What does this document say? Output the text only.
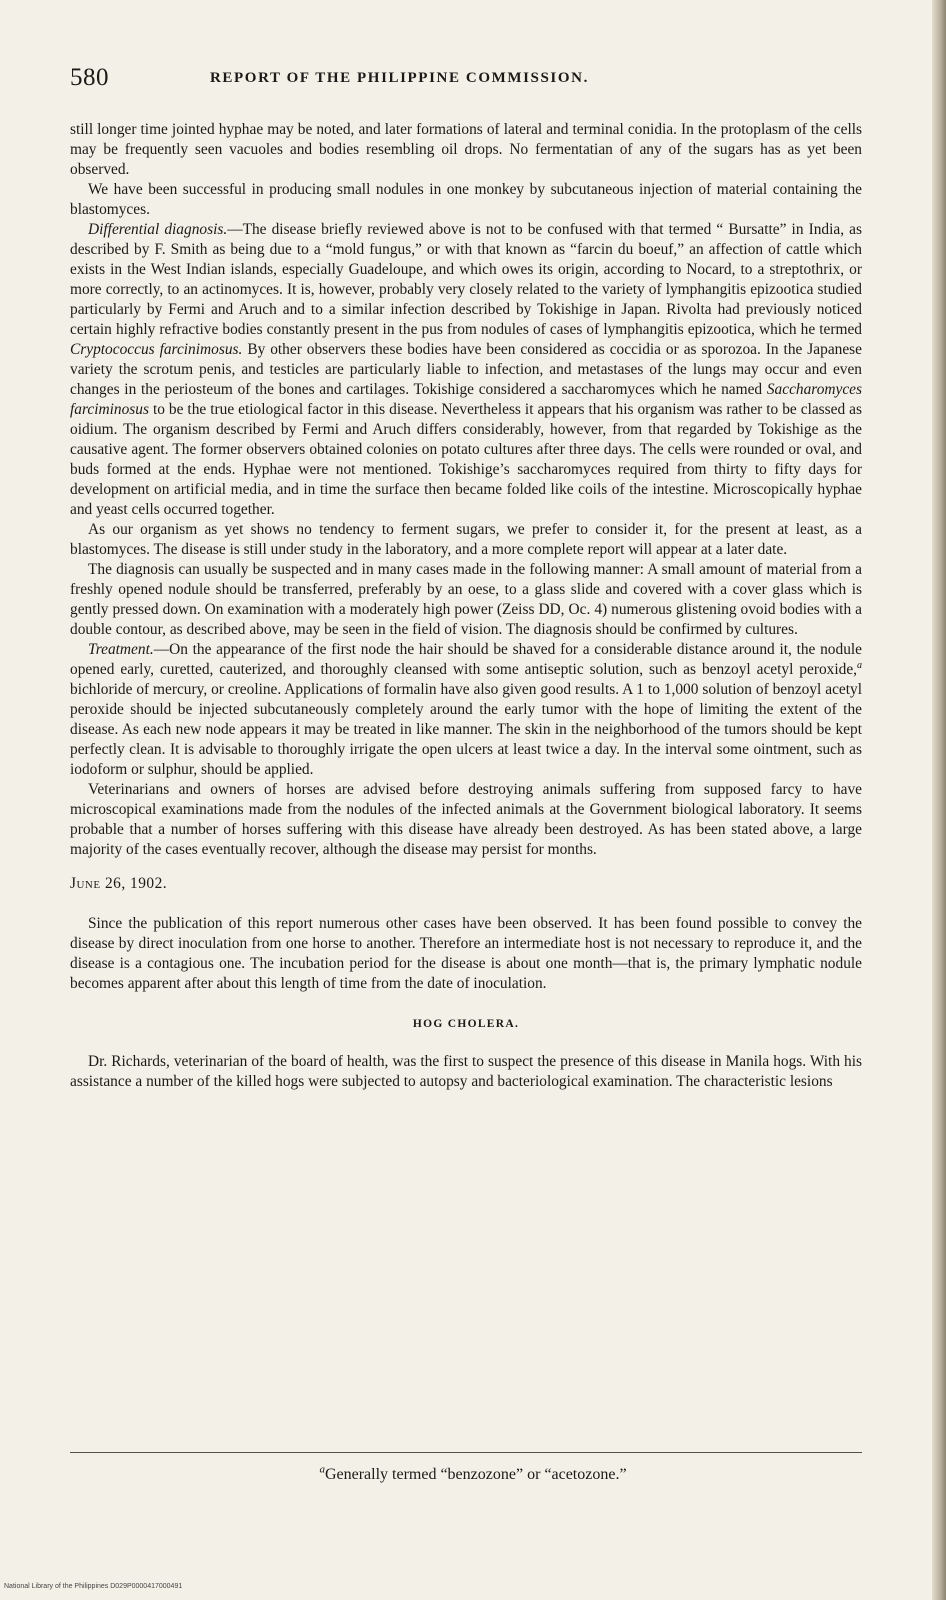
580	REPORT OF THE PHILIPPINE COMMISSION.

still longer time jointed hyphae may be noted, and later formations of lateral and terminal conidia. In the protoplasm of the cells may be frequently seen vacuoles and bodies resembling oil drops. No fermentatian of any of the sugars has as yet been observed.

We have been successful in producing small nodules in one monkey by subcutaneous injection of material containing the blastomyces.

Differential diagnosis.—The disease briefly reviewed above is not to be confused with that termed “ Bursatte” in India, as described by F. Smith as being due to a “mold fungus,” or with that known as “farcin du boeuf,” an affection of cattle which exists in the West Indian islands, especially Guadeloupe, and which owes its origin, according to Nocard, to a streptothrix, or more correctly, to an actinomyces. It is, however, probably very closely related to the variety of lymphangitis epizootica studied particularly by Fermi and Aruch and to a similar infection described by Tokishige in Japan. Rivolta had previously noticed certain highly refractive bodies constantly present in the pus from nodules of cases of lymphangitis epizootica, which he termed Cryptococcus farcinimosus. By other observers these bodies have been considered as coccidia or as sporozoa. In the Japanese variety the scrotum penis, and testicles are particularly liable to infection, and metastases of the lungs may occur and even changes in the periosteum of the bones and cartilages. Tokishige considered a saccharomyces which he named Saccharomyces farciminosus to be the true etiological factor in this disease. Nevertheless it appears that his organism was rather to be classed as oidium. The organism described by Fermi and Aruch differs considerably, however, from that regarded by Tokishige as the causative agent. The former observers obtained colonies on potato cultures after three days. The cells were rounded or oval, and buds formed at the ends. Hyphae were not mentioned. Tokishige’s saccharomyces required from thirty to fifty days for development on artificial media, and in time the surface then became folded like coils of the intestine. Microscopically hyphae and yeast cells occurred together.

As our organism as yet shows no tendency to ferment sugars, we prefer to consider it, for the present at least, as a blastomyces. The disease is still under study in the laboratory, and a more complete report will appear at a later date.

The diagnosis can usually be suspected and in many cases made in the following manner: A small amount of material from a freshly opened nodule should be transferred, preferably by an oese, to a glass slide and covered with a cover glass which is gently pressed down. On examination with a moderately high power (Zeiss DD, Oc. 4) numerous glistening ovoid bodies with a double contour, as described above, may be seen in the field of vision. The diagnosis should be confirmed by cultures.

Treatment.—On the appearance of the first node the hair should be shaved for a considerable distance around it, the nodule opened early, curetted, cauterized, and thoroughly cleansed with some antiseptic solution, such as benzoyl acetyl peroxide,$^a$ bichloride of mercury, or creoline. Applications of formalin have also given good results. A 1 to 1,000 solution of benzoyl acetyl peroxide should be injected subcutaneously completely around the early tumor with the hope of limiting the extent of the disease. As each new node appears it may be treated in like manner. The skin in the neighborhood of the tumors should be kept perfectly clean. It is advisable to thoroughly irrigate the open ulcers at least twice a day. In the interval some ointment, such as iodoform or sulphur, should be applied.

Veterinarians and owners of horses are advised before destroying animals suffering from supposed farcy to have microscopical examinations made from the nodules of the infected animals at the Government biological laboratory. It seems probable that a number of horses suffering with this disease have already been destroyed. As has been stated above, a large majority of the cases eventually recover, although the disease may persist for months.

June 26, 1902.

Since the publication of this report numerous other cases have been observed. It has been found possible to convey the disease by direct inoculation from one horse to another. Therefore an intermediate host is not necessary to reproduce it, and the disease is a contagious one. The incubation period for the disease is about one month—that is, the primary lymphatic nodule becomes apparent after about this length of time from the date of inoculation.

HOG CHOLERA.

Dr. Richards, veterinarian of the board of health, was the first to suspect the presence of this disease in Manila hogs. With his assistance a number of the killed hogs were subjected to autopsy and bacteriological examination. The characteristic lesions

$^a$Generally termed “benzozone” or “acetozone.”
National Library of the Philippines D029P0000417000491
